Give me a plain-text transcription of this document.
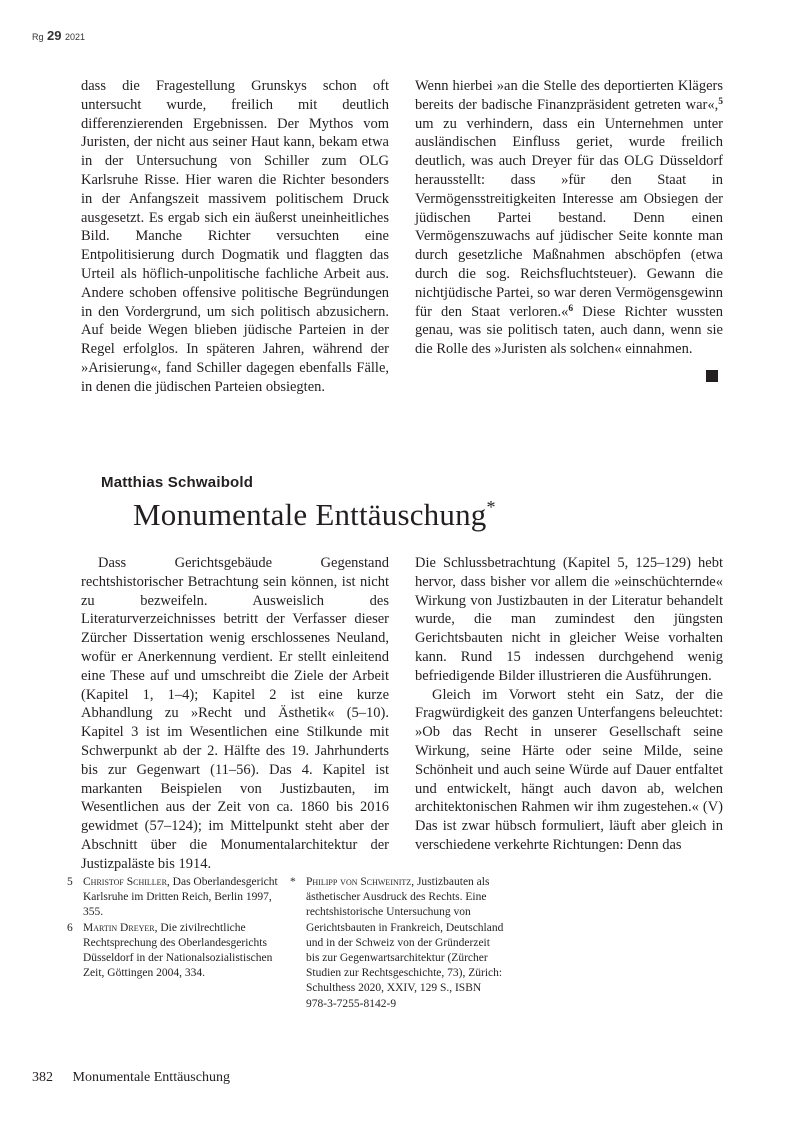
Rg 29 2021

dass die Fragestellung Grunskys schon oft untersucht wurde, freilich mit deutlich differenzierenden Ergebnissen. Der Mythos vom Juristen, der nicht aus seiner Haut kann, bekam etwa in der Untersuchung von Schiller zum OLG Karlsruhe Risse. Hier waren die Richter besonders in der Anfangszeit massivem politischem Druck ausgesetzt. Es ergab sich ein äußerst uneinheitliches Bild. Manche Richter versuchten eine Entpolitisierung durch Dogmatik und flaggten das Urteil als höflich-unpolitische fachliche Arbeit aus. Andere schoben offensive politische Begründungen in den Vordergrund, um sich politisch abzusichern. Auf beide Wegen blieben jüdische Parteien in der Regel erfolglos. In späteren Jahren, während der »Arisierung«, fand Schiller dagegen ebenfalls Fälle, in denen die jüdischen Parteien obsiegten.

Wenn hierbei »an die Stelle des deportierten Klägers bereits der badische Finanzpräsident getreten war«,$^5$ um zu verhindern, dass ein Unternehmen unter ausländischen Einfluss geriet, wurde freilich deutlich, was auch Dreyer für das OLG Düsseldorf herausstellt: dass »für den Staat in Vermögensstreitigkeiten Interesse am Obsiegen der jüdischen Partei bestand. Denn einen Vermögenszuwachs auf jüdischer Seite konnte man durch gesetzliche Maßnahmen abschöpfen (etwa durch die sog. Reichsfluchtsteuer). Gewann die nichtjüdische Partei, so war deren Vermögensgewinn für den Staat verloren.«$^6$ Diese Richter wussten genau, was sie politisch taten, auch dann, wenn sie die Rolle des »Juristen als solchen« einnahmen.

Matthias Schwaibold
Monumentale Enttäuschung*

Dass Gerichtsgebäude Gegenstand rechtshistorischer Betrachtung sein können, ist nicht zu bezweifeln. Ausweislich des Literaturverzeichnisses betritt der Verfasser dieser Zürcher Dissertation wenig erschlossenes Neuland, wofür er Anerkennung verdient. Er stellt einleitend eine These auf und umschreibt die Ziele der Arbeit (Kapitel 1, 1–4); Kapitel 2 ist eine kurze Abhandlung zu »Recht und Ästhetik« (5–10). Kapitel 3 ist im Wesentlichen eine Stilkunde mit Schwerpunkt ab der 2. Hälfte des 19. Jahrhunderts bis zur Gegenwart (11–56). Das 4. Kapitel ist markanten Beispielen von Justizbauten, im Wesentlichen aus der Zeit von ca. 1860 bis 2016 gewidmet (57–124); im Mittelpunkt steht aber der Abschnitt über die Monumentalarchitektur der Justizpaläste bis 1914.

Die Schlussbetrachtung (Kapitel 5, 125–129) hebt hervor, dass bisher vor allem die »einschüchternde« Wirkung von Justizbauten in der Literatur behandelt wurde, die man zumindest den jüngsten Gerichtsbauten nicht in gleicher Weise vorhalten kann. Rund 15 indessen durchgehend wenig befriedigende Bilder illustrieren die Ausführungen.

Gleich im Vorwort steht ein Satz, der die Fragwürdigkeit des ganzen Unterfangens beleuchtet: »Ob das Recht in unserer Gesellschaft seine Wirkung, seine Härte oder seine Milde, seine Schönheit und auch seine Würde auf Dauer entfaltet und entwickelt, hängt auch davon ab, welchen architektonischen Rahmen wir ihm zugestehen.« (V) Das ist zwar hübsch formuliert, läuft aber gleich in verschiedene verkehrte Richtungen: Denn das

5 Christof Schiller, Das Oberlandesgericht Karlsruhe im Dritten Reich, Berlin 1997, 355.
6 Martin Dreyer, Die zivilrechtliche Rechtsprechung des Oberlandesgerichts Düsseldorf in der Nationalsozialistischen Zeit, Göttingen 2004, 334.
* Philipp von Schweinitz, Justizbauten als ästhetischer Ausdruck des Rechts. Eine rechtshistorische Untersuchung von Gerichtsbauten in Frankreich, Deutschland und in der Schweiz von der Gründerzeit bis zur Gegenwartsarchitektur (Zürcher Studien zur Rechtsgeschichte, 73), Zürich: Schulthess 2020, XXIV, 129 S., ISBN 978-3-7255-8142-9
382 Monumentale Enttäuschung
